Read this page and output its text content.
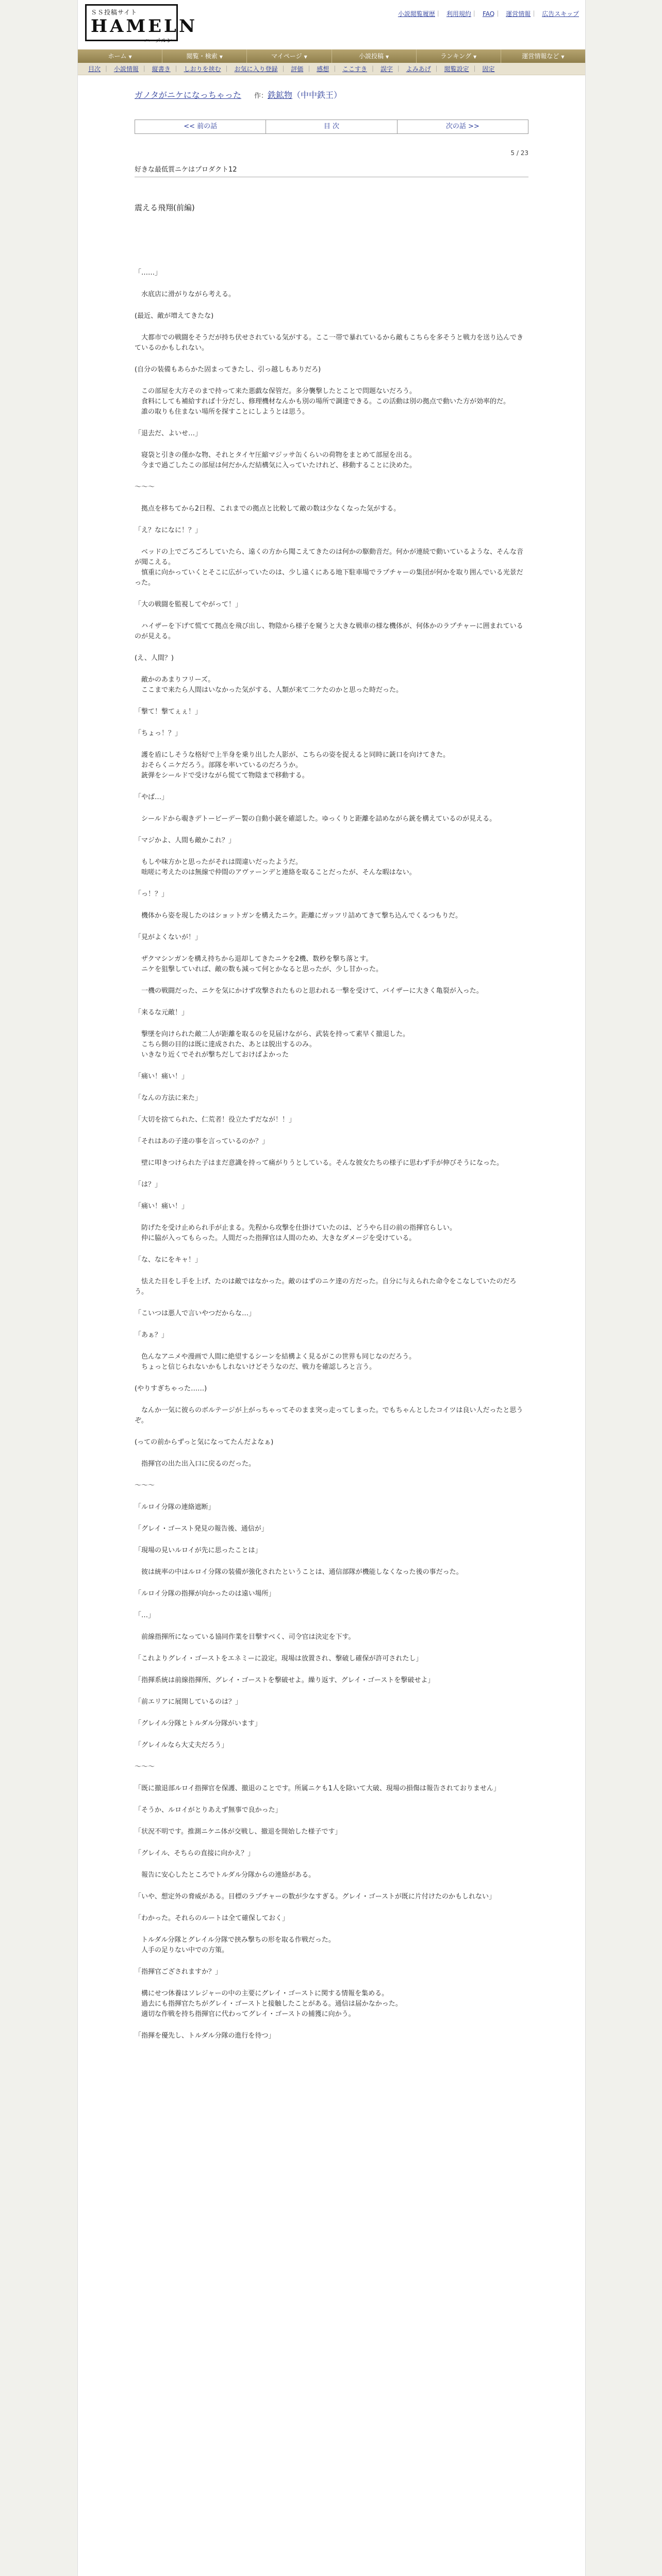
ＳＳ投稿サイト
HAMELN
ハーメルン
小説閲覧履歴｜ 利用規約｜ FAQ｜ 運営情報｜ 広告スキップ
ホーム ▼	閲覧・検索 ▼	マイページ ▼	小説投稿 ▼	ランキング ▼	運営情報など ▼
目次 ｜ 小説情報 ｜ 縦書き ｜ しおりを挟む ｜ お気に入り登録 ｜ 評価 ｜ 感想 ｜ ここすき ｜ 誤字 ｜ よみあげ ｜ 閲覧設定 ｜ 固定
ガノタがニケになっちゃった 作：鉄鉱物（中中鉄王）
<< 前の話	目 次	次の話 >>
5 / 23
好きな最低質ニケはプロダクト12
震える飛翔(前編)

「……」

　水底店に滑がりながら考える。

(最近、敵が増えてきたな)

　大都市での戦闘をそうだが持ち伏せされている気がする。ここ一帯で暴れているから敵もこちらを多そうと戦力を送り込んできているのかもしれない。

(自分の装備もあらかた固まってきたし、引っ越しもありだろ)

　この部屋を大方そのまで持って来た悪戯な保管だ。多分襲撃したとことで問題ないだろう。
　食料にしても補給すれば十分だし、修理機材なんかも別の場所で調達できる。この活動は別の拠点で動いた方が効率的だ。
　誰の取りも住まない場所を探すことにしようとは思う。

「退去だ、よいせ…」

　寝袋と引きの僅かな物、それとタイヤ圧縮マジッサ缶くらいの荷物をまとめて部屋を出る。
　今まで過ごしたこの部屋は何だかんだ結構気に入っていたけれど、移動することに決めた。

〜〜〜

　拠点を移ちてから2日程、これまでの拠点と比較して敵の数は少なくなった気がする。

「え？なになに！？」

　ベッドの上でごろごろしていたら、遠くの方から聞こえてきたのは何かの駆動音だ。何かが連続で動いているような、そんな音が聞こえる。
　慎重に向かっていくとそこに広がっていたのは、少し遠くにある地下駐車場でラプチャーの集団が何かを取り囲んでいる光景だった。

「大の戦闘を監視してやがって！」

　ハイザーを下げて慌てて拠点を飛び出し、物陰から様子を窺うと大きな戦車の様な機体が、何体かのラプチャーに囲まれているのが見える。

(え、人間？)

　敵かのあまりフリーズ。
　ここまで来たら人間はいなかった気がする、人類が来て二ケたのかと思った時だった。

「撃て！撃てぇぇ！」

「ちょっ！？」

　護を盾にしそうな格好で上半身を乗り出した人影が、こちらの姿を捉えると同時に銃口を向けてきた。
　おそらくニケだろう。部隊を率いているのだろうか。
　銃弾をシールドで受けながら慌てて物陰まで移動する。

「やば…」

　シールドから覗きデトービーデー製の自動小銃を確認した。ゆっくりと距離を詰めながら銃を構えているのが見える。

「マジかよ、人間も敵かこれ？」

　もしや味方かと思ったがそれは間違いだったようだ。
　咄嗟に考えたのは無線で仲間のアヴァーンデと連絡を取ることだったが、そんな暇はない。

「っ！？」

　機体から姿を現したのはショットガンを構えたニケ。距離にガッツリ詰めてきて撃ち込んでくるつもりだ。

「見がよくないが！」

　ザクマシンガンを構え持ちから退却してきたニケを2機、数秒を撃ち落とす。
　ニケを狙撃していれば、敵の数も減って何とかなると思ったが、少し甘かった。

　一機の戦闘だった、ニケを気にかけず攻撃されたものと思われる一撃を受けて、バイザーに大きく亀裂が入った。

「来るな元敵！」

　撃墜を向けられた敵二人が距離を取るのを見届けながら、武装を持って素早く撤退した。
　こちら側の目的は既に達成された、あとは脱出するのみ。
　いきなり近くでそれが撃ちだしておけばよかった

「痛い！痛い！」

「なんの方法に来た」

「大切を捨てられた、仁荒者！役立たずだなが！！」

「それはあの子達の事を言っているのか？」

　壁に叩きつけられた子はまだ意識を持って痛がりうとしている。そんな彼女たちの様子に思わず手が伸びそうになった。

「は？」

「痛い！痛い！」

　防げたを受け止められ手が止まる。先程から攻撃を仕掛けていたのは、どうやら目の前の指揮官らしい。
　仲に脇が入ってもらった。人間だった指揮官は人間のため、大きなダメージを受けている。

「な、なにをキャ！」

　怯えた目をし手を上げ、たのは敵ではなかった。敵のはずのニケ達の方だった。自分に与えられた命令をこなしていたのだろう。

「こいつは悪人で言いやつだからな…」

「あぁ？」

　色んなアニメや漫画で人間に絶望するシーンを結構よく見るがこの世界も同じなのだろう。
　ちょっと信じられないかもしれないけどそうなのだ、戦力を確認しろと言う。

(やりすぎちゃった……)

　なんか一気に彼らのボルテージが上がっちゃってそのまま突っ走ってしまった。でもちゃんとしたコイツは良い人だったと思うぞ。

(っての前からずっと気になってたんだよなぁ)

　指揮官の出た出入口に戻るのだった。

〜〜〜

「ルロイ分隊の連絡遮断」

「グレイ・ゴースト発見の報告後、通信が」

「現場の見いルロイが先に思ったことは」

　彼は統率の中はルロイ分隊の装備が強化されたということは、通信部隊が機能しなくなった後の事だった。

「ルロイ分隊の指揮が向かったのは遠い場所」

「…」

　前線指揮所になっている協同作業を目撃すべく、司令官は決定を下す。

「これよりグレイ・ゴーストをエネミーに設定。現場は放置され、撃破し確保が許可されたし」

「指揮系統は前線指揮所、グレイ・ゴーストを撃破せよ。繰り返す、グレイ・ゴーストを撃破せよ」

「前エリアに展開しているのは？」

「グレイル分隊とトルダル分隊がいます」

「グレイルなら大丈夫だろう」

〜〜〜

「既に撤退部ルロイ指揮官を保護、撤退のことです。所属ニケも1人を除いて大破、現場の損傷は報告されておりません」

「そうか、ルロイがとりあえず無事で良かった」

「状況不明です。推測ニケニ体が交戦し、撤退を開始した様子です」

「グレイル、そちらの直接に向かえ？」

　報告に安心したところでトルダル分隊からの連絡がある。

「いや、想定外の脅威がある。目標のラプチャーの数が少なすぎる。グレイ・ゴーストが既に片付けたのかもしれない」

「わかった。それらのルートは全て確保しておく」

　トルダル分隊とグレイル分隊で挟み撃ちの形を取る作戦だった。
　人手の足りない中での方策。

「指揮官ござされますか？」

　構にせつ休養はソレジャーの中の主要にグレイ・ゴーストに関する情報を集める。
　過去にも指揮官たちがグレイ・ゴーストと接触したことがある。通信は届かなかった。
　適切な作戦を持ち指揮官に代わってグレイ・ゴーストの捕獲に向かう。

「指揮を優先し、トルダル分隊の進行を待つ」
